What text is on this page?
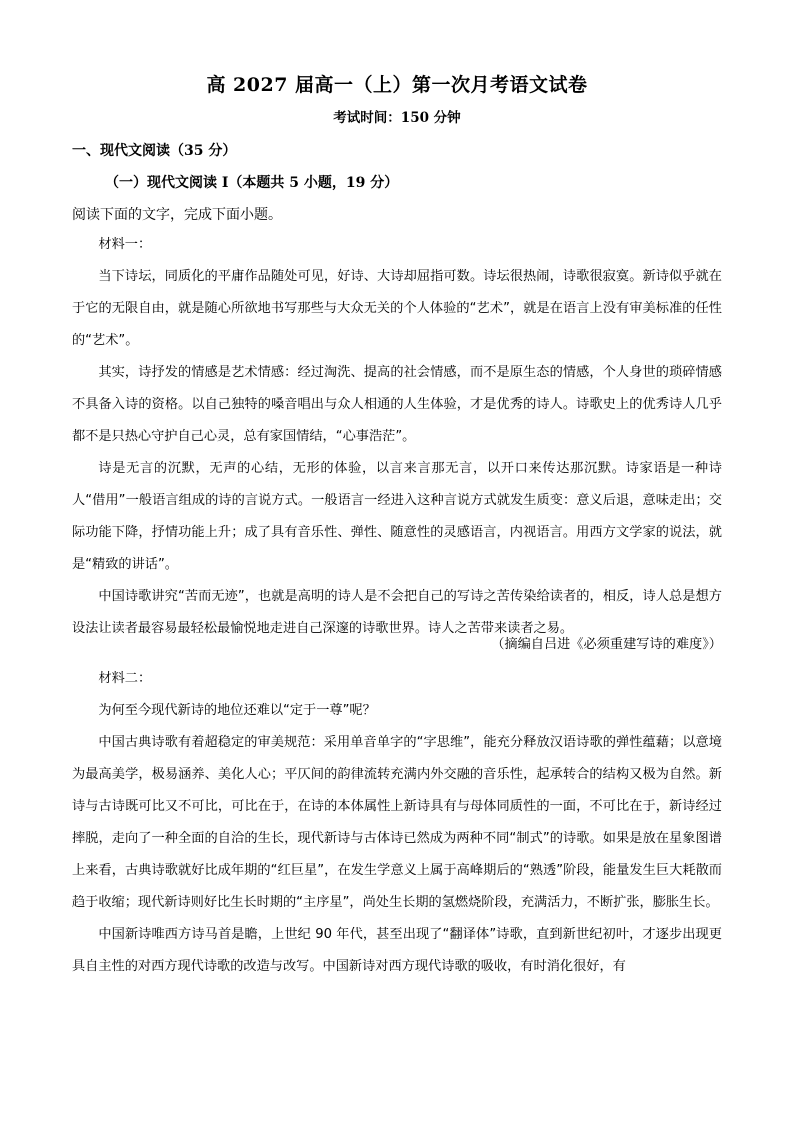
高 2027 届高一（上）第一次月考语文试卷
考试时间：150 分钟
一、现代文阅读（35 分）
（一）现代文阅读 I（本题共 5 小题，19 分）
阅读下面的文字，完成下面小题。

材料一：

当下诗坛，同质化的平庸作品随处可见，好诗、大诗却屈指可数。诗坛很热闹，诗歌很寂寞。新诗似乎就在于它的无限自由，就是随心所欲地书写那些与大众无关的个人体验的“艺术”，就是在语言上没有审美标准的任性的“艺术”。

其实，诗抒发的情感是艺术情感：经过淘洗、提高的社会情感，而不是原生态的情感，个人身世的琐碎情感不具备入诗的资格。以自己独特的嗓音唱出与众人相通的人生体验，才是优秀的诗人。诗歌史上的优秀诗人几乎都不是只热心守护自己心灵，总有家国情结，“心事浩茫”。

诗是无言的沉默，无声的心结，无形的体验，以言来言那无言，以开口来传达那沉默。诗家语是一种诗人“借用”一般语言组成的诗的言说方式。一般语言一经进入这种言说方式就发生质变：意义后退，意味走出；交际功能下降，抒情功能上升；成了具有音乐性、弹性、随意性的灵感语言，内视语言。用西方文学家的说法，就是“精致的讲话”。

中国诗歌讲究“苦而无迹”，也就是高明的诗人是不会把自己的写诗之苦传染给读者的，相反，诗人总是想方设法让读者最容易最轻松最愉悦地走进自己深邃的诗歌世界。诗人之苦带来读者之易。

（摘编自吕进《必须重建写诗的难度》）

材料二：

为何至今现代新诗的地位还难以“定于一尊”呢？

中国古典诗歌有着超稳定的审美规范：采用单音单字的“字思维”，能充分释放汉语诗歌的弹性蕴藉；以意境为最高美学，极易涵养、美化人心；平仄间的韵律流转充满内外交融的音乐性，起承转合的结构又极为自然。新诗与古诗既可比又不可比，可比在于，在诗的本体属性上新诗具有与母体同质性的一面，不可比在于，新诗经过摔脱，走向了一种全面的自洽的生长，现代新诗与古体诗已然成为两种不同“制式”的诗歌。如果是放在星象图谱上来看，古典诗歌就好比成年期的“红巨星”，在发生学意义上属于高峰期后的“熟透”阶段，能量发生巨大耗散而趋于收缩；现代新诗则好比生长时期的“主序星”，尚处生长期的氢燃烧阶段，充满活力，不断扩张，膨胀生长。

中国新诗唯西方诗马首是瞻，上世纪 90 年代，甚至出现了“翻译体”诗歌，直到新世纪初叶，才逐步出现更具自主性的对西方现代诗歌的改造与改写。中国新诗对西方现代诗歌的吸收，有时消化很好，有
